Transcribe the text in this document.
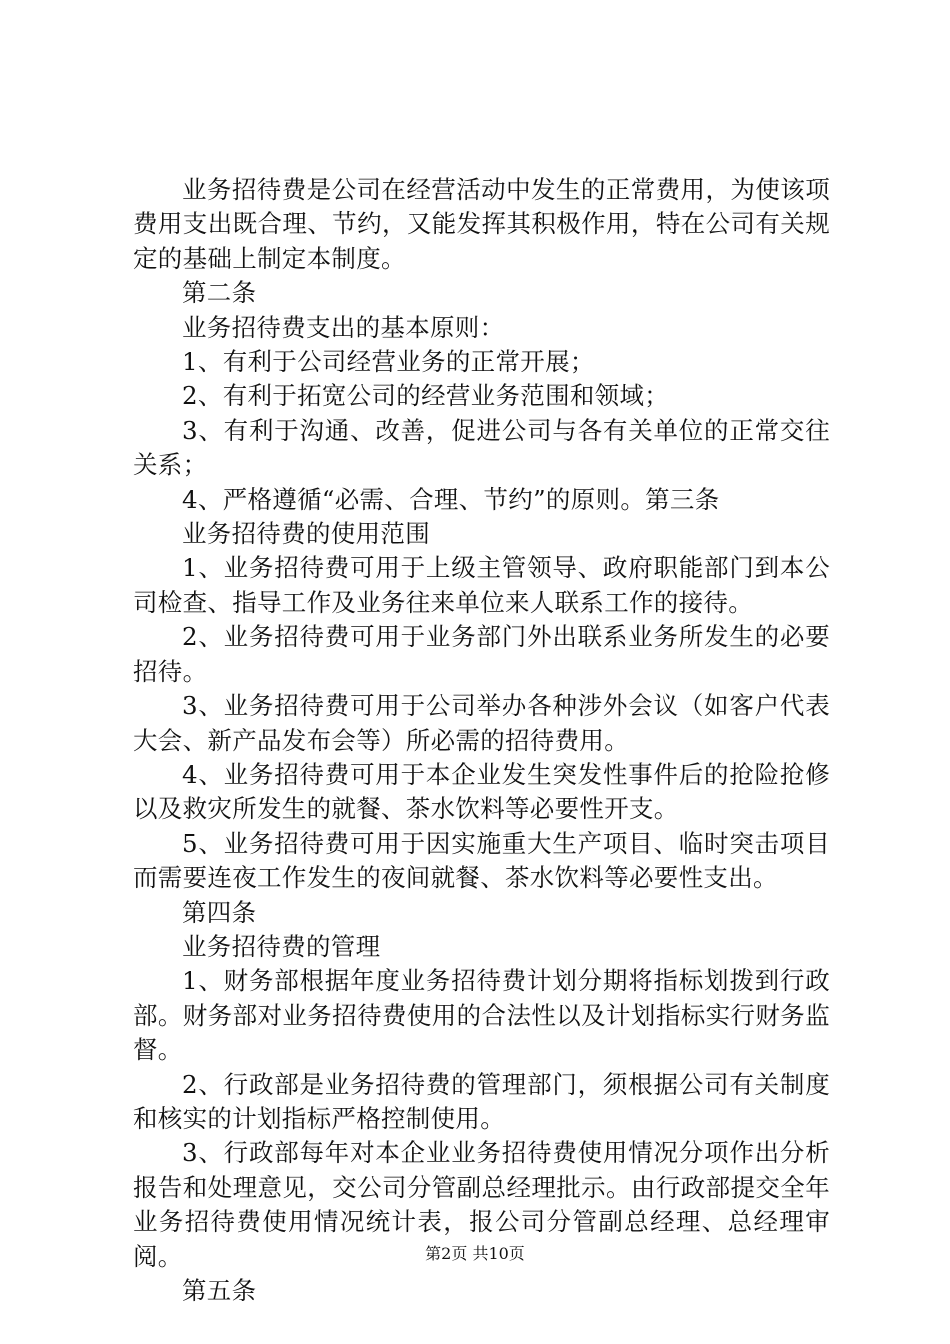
业务招待费是公司在经营活动中发生的正常费用，为使该项费用支出既合理、节约，又能发挥其积极作用，特在公司有关规定的基础上制定本制度。

第二条

业务招待费支出的基本原则：

1、有利于公司经营业务的正常开展；

2、有利于拓宽公司的经营业务范围和领域；

3、有利于沟通、改善，促进公司与各有关单位的正常交往关系；

4、严格遵循“必需、合理、节约”的原则。第三条

业务招待费的使用范围

1、业务招待费可用于上级主管领导、政府职能部门到本公司检查、指导工作及业务往来单位来人联系工作的接待。

2、业务招待费可用于业务部门外出联系业务所发生的必要招待。

3、业务招待费可用于公司举办各种涉外会议（如客户代表大会、新产品发布会等）所必需的招待费用。

4、业务招待费可用于本企业发生突发性事件后的抢险抢修以及救灾所发生的就餐、茶水饮料等必要性开支。

5、业务招待费可用于因实施重大生产项目、临时突击项目而需要连夜工作发生的夜间就餐、茶水饮料等必要性支出。

第四条

业务招待费的管理

1、财务部根据年度业务招待费计划分期将指标划拨到行政部。财务部对业务招待费使用的合法性以及计划指标实行财务监督。

2、行政部是业务招待费的管理部门，须根据公司有关制度和核实的计划指标严格控制使用。

3、行政部每年对本企业业务招待费使用情况分项作出分析报告和处理意见，交公司分管副总经理批示。由行政部提交全年业务招待费使用情况统计表，报公司分管副总经理、总经理审阅。

第五条

第2页 共10页
